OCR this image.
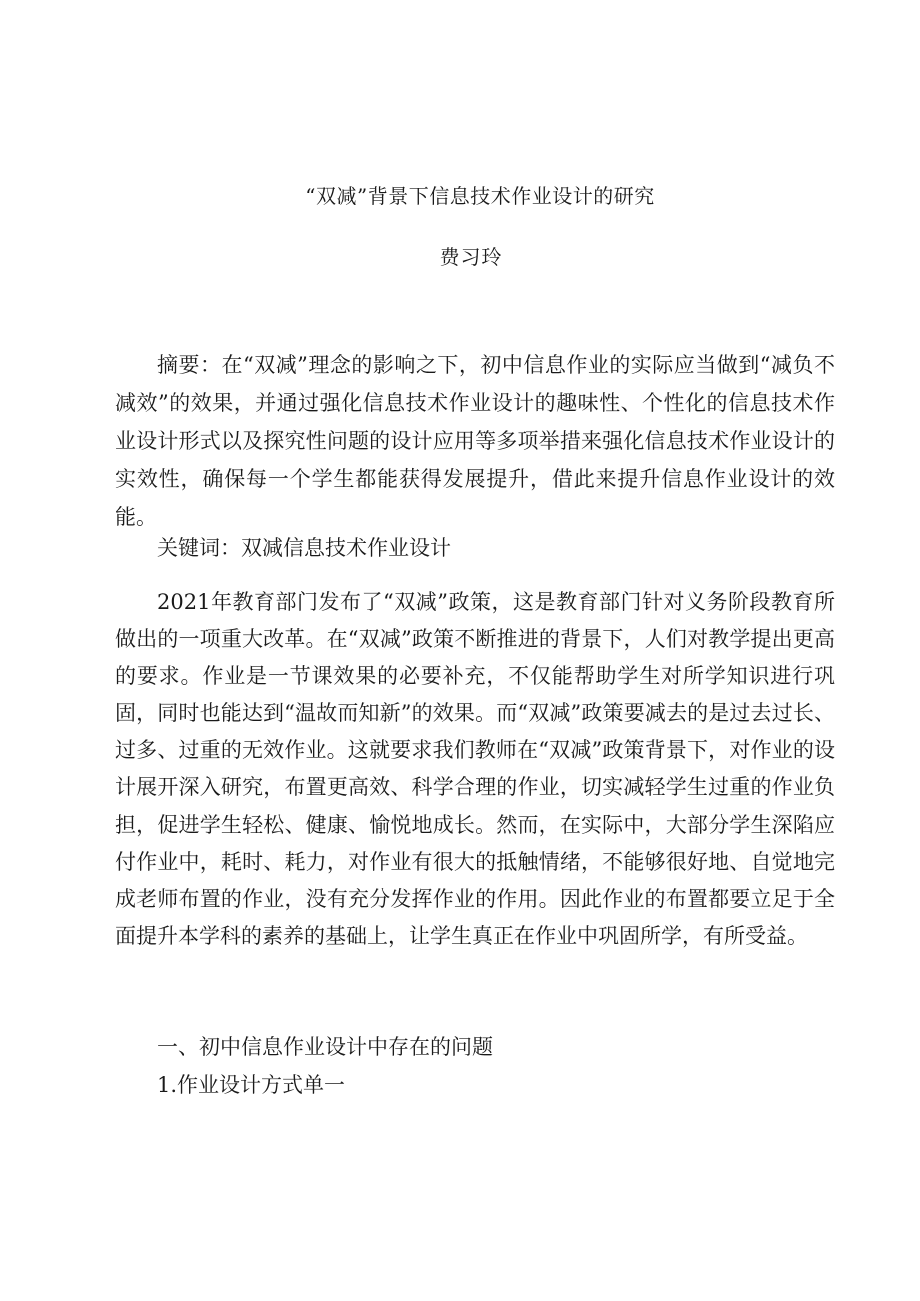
“双减”背景下信息技术作业设计的研究
费习玲

摘要：在“双减”理念的影响之下，初中信息作业的实际应当做到“减负不减效”的效果，并通过强化信息技术作业设计的趣味性、个性化的信息技术作业设计形式以及探究性问题的设计应用等多项举措来强化信息技术作业设计的实效性，确保每一个学生都能获得发展提升，借此来提升信息作业设计的效能。

关键词：双减信息技术作业设计

2021年教育部门发布了“双减”政策，这是教育部门针对义务阶段教育所做出的一项重大改革。在“双减”政策不断推进的背景下，人们对教学提出更高的要求。作业是一节课效果的必要补充，不仅能帮助学生对所学知识进行巩固，同时也能达到“温故而知新”的效果。而“双减”政策要减去的是过去过长、过多、过重的无效作业。这就要求我们教师在“双减”政策背景下，对作业的设计展开深入研究，布置更高效、科学合理的作业，切实减轻学生过重的作业负担，促进学生轻松、健康、愉悦地成长。然而，在实际中，大部分学生深陷应付作业中，耗时、耗力，对作业有很大的抵触情绪，不能够很好地、自觉地完成老师布置的作业，没有充分发挥作业的作用。因此作业的布置都要立足于全面提升本学科的素养的基础上，让学生真正在作业中巩固所学，有所受益。

一、初中信息作业设计中存在的问题

1.作业设计方式单一
